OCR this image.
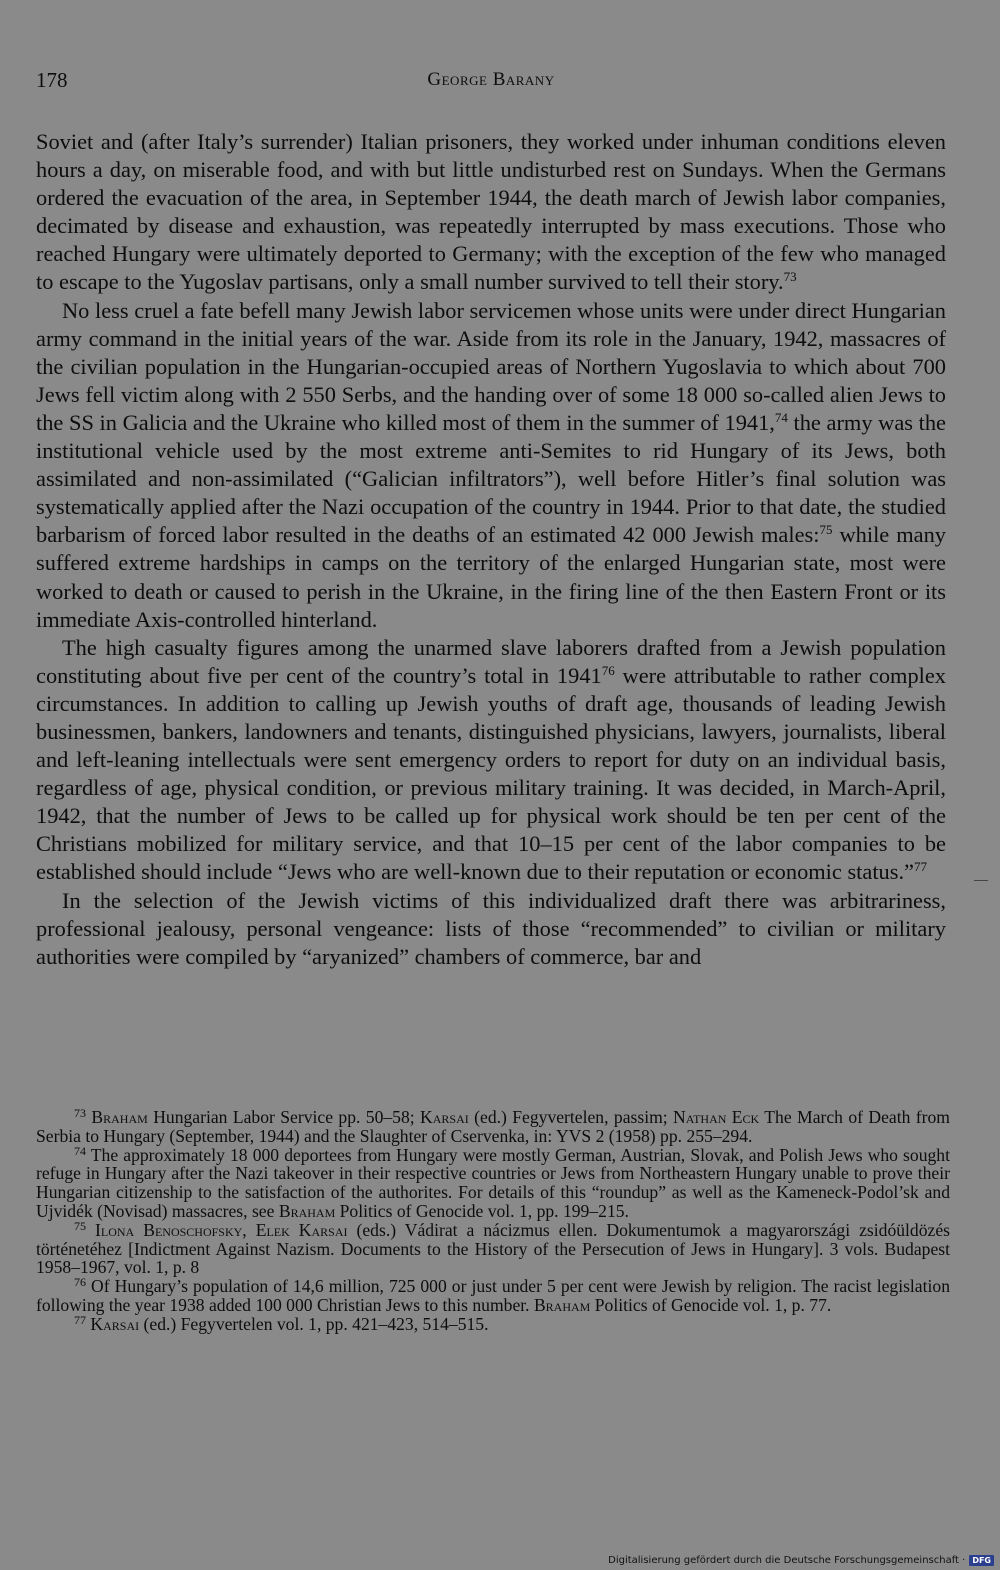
178	George Barany

Soviet and (after Italy’s surrender) Italian prisoners, they worked under inhuman conditions eleven hours a day, on miserable food, and with but little undisturbed rest on Sundays. When the Germans ordered the evacuation of the area, in September 1944, the death march of Jewish labor companies, decimated by disease and exhaustion, was repeatedly interrupted by mass executions. Those who reached Hungary were ultimately deported to Germany; with the exception of the few who managed to escape to the Yugoslav partisans, only a small number survived to tell their story.$^{73}$

No less cruel a fate befell many Jewish labor servicemen whose units were under direct Hungarian army command in the initial years of the war. Aside from its role in the January, 1942, massacres of the civilian population in the Hungarian-occupied areas of Northern Yugoslavia to which about 700 Jews fell victim along with 2 550 Serbs, and the handing over of some 18 000 so-called alien Jews to the SS in Galicia and the Ukraine who killed most of them in the summer of 1941,74 the army was the institutional vehicle used by the most extreme anti-Semites to rid Hungary of its Jews, both assimilated and non-assimilated (“Galician infiltrators”), well before Hitler’s final solution was systematically applied after the Nazi occupation of the country in 1944. Prior to that date, the studied barbarism of forced labor resulted in the deaths of an estimated 42 000 Jewish males:$^{75}$ while many suffered extreme hardships in camps on the territory of the enlarged Hungarian state, most were worked to death or caused to perish in the Ukraine, in the firing line of the then Eastern Front or its immediate Axis-controlled hinterland.

The high casualty figures among the unarmed slave laborers drafted from a Jewish population constituting about five per cent of the country’s total in 1941$^{76}$ were attributable to rather complex circumstances. In addition to calling up Jewish youths of draft age, thousands of leading Jewish businessmen, bankers, landowners and tenants, distinguished physicians, lawyers, journalists, liberal and left-leaning intellectuals were sent emergency orders to report for duty on an individual basis, regardless of age, physical condition, or previous military training. It was decided, in March-April, 1942, that the number of Jews to be called up for physical work should be ten per cent of the Christians mobilized for military service, and that 10–15 per cent of the labor companies to be established should include “Jews who are well-known due to their reputation or economic status.”$^{77}$

In the selection of the Jewish victims of this individualized draft there was arbitrariness, professional jealousy, personal vengeance: lists of those “recommended” to civilian or military authorities were compiled by “aryanized” chambers of commerce, bar and

$^{73}$ Braham Hungarian Labor Service pp. 50–58; Karsai (ed.) Fegyvertelen, passim; Nathan Eck The March of Death from Serbia to Hungary (September, 1944) and the Slaughter of Cservenka, in: YVS 2 (1958) pp. 255–294.

$^{74}$ The approximately 18 000 deportees from Hungary were mostly German, Austrian, Slovak, and Polish Jews who sought refuge in Hungary after the Nazi takeover in their respective countries or Jews from Northeastern Hungary unable to prove their Hungarian citizenship to the satisfaction of the authorites. For details of this “roundup” as well as the Kameneck-Podol’sk and Ujvidék (Novisad) massacres, see Braham Politics of Genocide vol. 1, pp. 199–215.

$^{75}$ Ilona Benoschofsky, Elek Karsai (eds.) Vádirat a nácizmus ellen. Dokumentumok a magyarországi zsidóüldözés történetéhez [Indictment Against Nazism. Documents to the History of the Persecution of Jews in Hungary]. 3 vols. Budapest 1958–1967, vol. 1, p. 8

$^{76}$ Of Hungary’s population of 14,6 million, 725 000 or just under 5 per cent were Jewish by religion. The racist legislation following the year 1938 added 100 000 Christian Jews to this number. Braham Politics of Genocide vol. 1, p. 77.

$^{77}$ Karsai (ed.) Fegyvertelen vol. 1, pp. 421–423, 514–515.

Digitalisierung gefördert durch die Deutsche Forschungsgemeinschaft · DFG
